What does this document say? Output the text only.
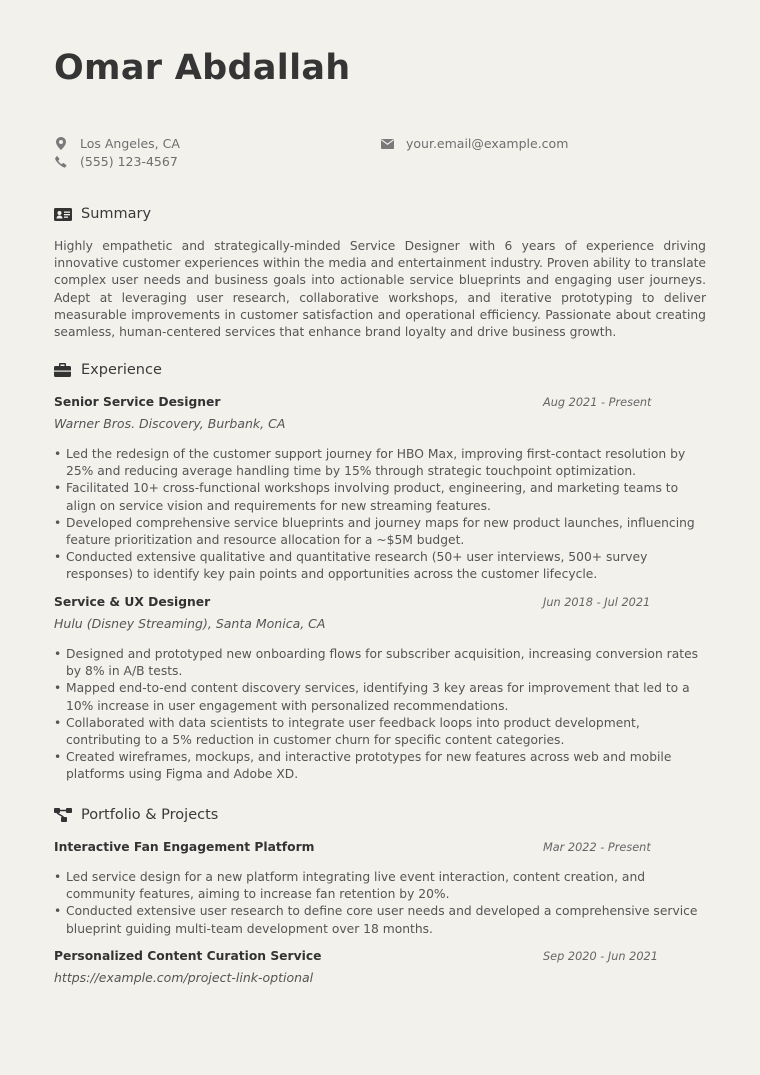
Omar Abdallah
Los Angeles, CA
(555) 123-4567
your.email@example.com
Summary

Highly empathetic and strategically-minded Service Designer with 6 years of experience driving innovative customer experiences within the media and entertainment industry. Proven ability to translate complex user needs and business goals into actionable service blueprints and engaging user journeys. Adept at leveraging user research, collaborative workshops, and iterative prototyping to deliver measurable improvements in customer satisfaction and operational efficiency. Passionate about creating seamless, human-centered services that enhance brand loyalty and drive business growth.

Experience
Senior Service Designer	Aug 2021 - Present
Warner Bros. Discovery, Burbank, CA
• Led the redesign of the customer support journey for HBO Max, improving first-contact resolution by 25% and reducing average handling time by 15% through strategic touchpoint optimization.
• Facilitated 10+ cross-functional workshops involving product, engineering, and marketing teams to align on service vision and requirements for new streaming features.
• Developed comprehensive service blueprints and journey maps for new product launches, influencing feature prioritization and resource allocation for a ~$5M budget.
• Conducted extensive qualitative and quantitative research (50+ user interviews, 500+ survey responses) to identify key pain points and opportunities across the customer lifecycle.
Service & UX Designer	Jun 2018 - Jul 2021
Hulu (Disney Streaming), Santa Monica, CA
• Designed and prototyped new onboarding flows for subscriber acquisition, increasing conversion rates by 8% in A/B tests.
• Mapped end-to-end content discovery services, identifying 3 key areas for improvement that led to a 10% increase in user engagement with personalized recommendations.
• Collaborated with data scientists to integrate user feedback loops into product development, contributing to a 5% reduction in customer churn for specific content categories.
• Created wireframes, mockups, and interactive prototypes for new features across web and mobile platforms using Figma and Adobe XD.
Portfolio & Projects
Interactive Fan Engagement Platform	Mar 2022 - Present
• Led service design for a new platform integrating live event interaction, content creation, and community features, aiming to increase fan retention by 20%.
• Conducted extensive user research to define core user needs and developed a comprehensive service blueprint guiding multi-team development over 18 months.
Personalized Content Curation Service	Sep 2020 - Jun 2021
https://example.com/project-link-optional
